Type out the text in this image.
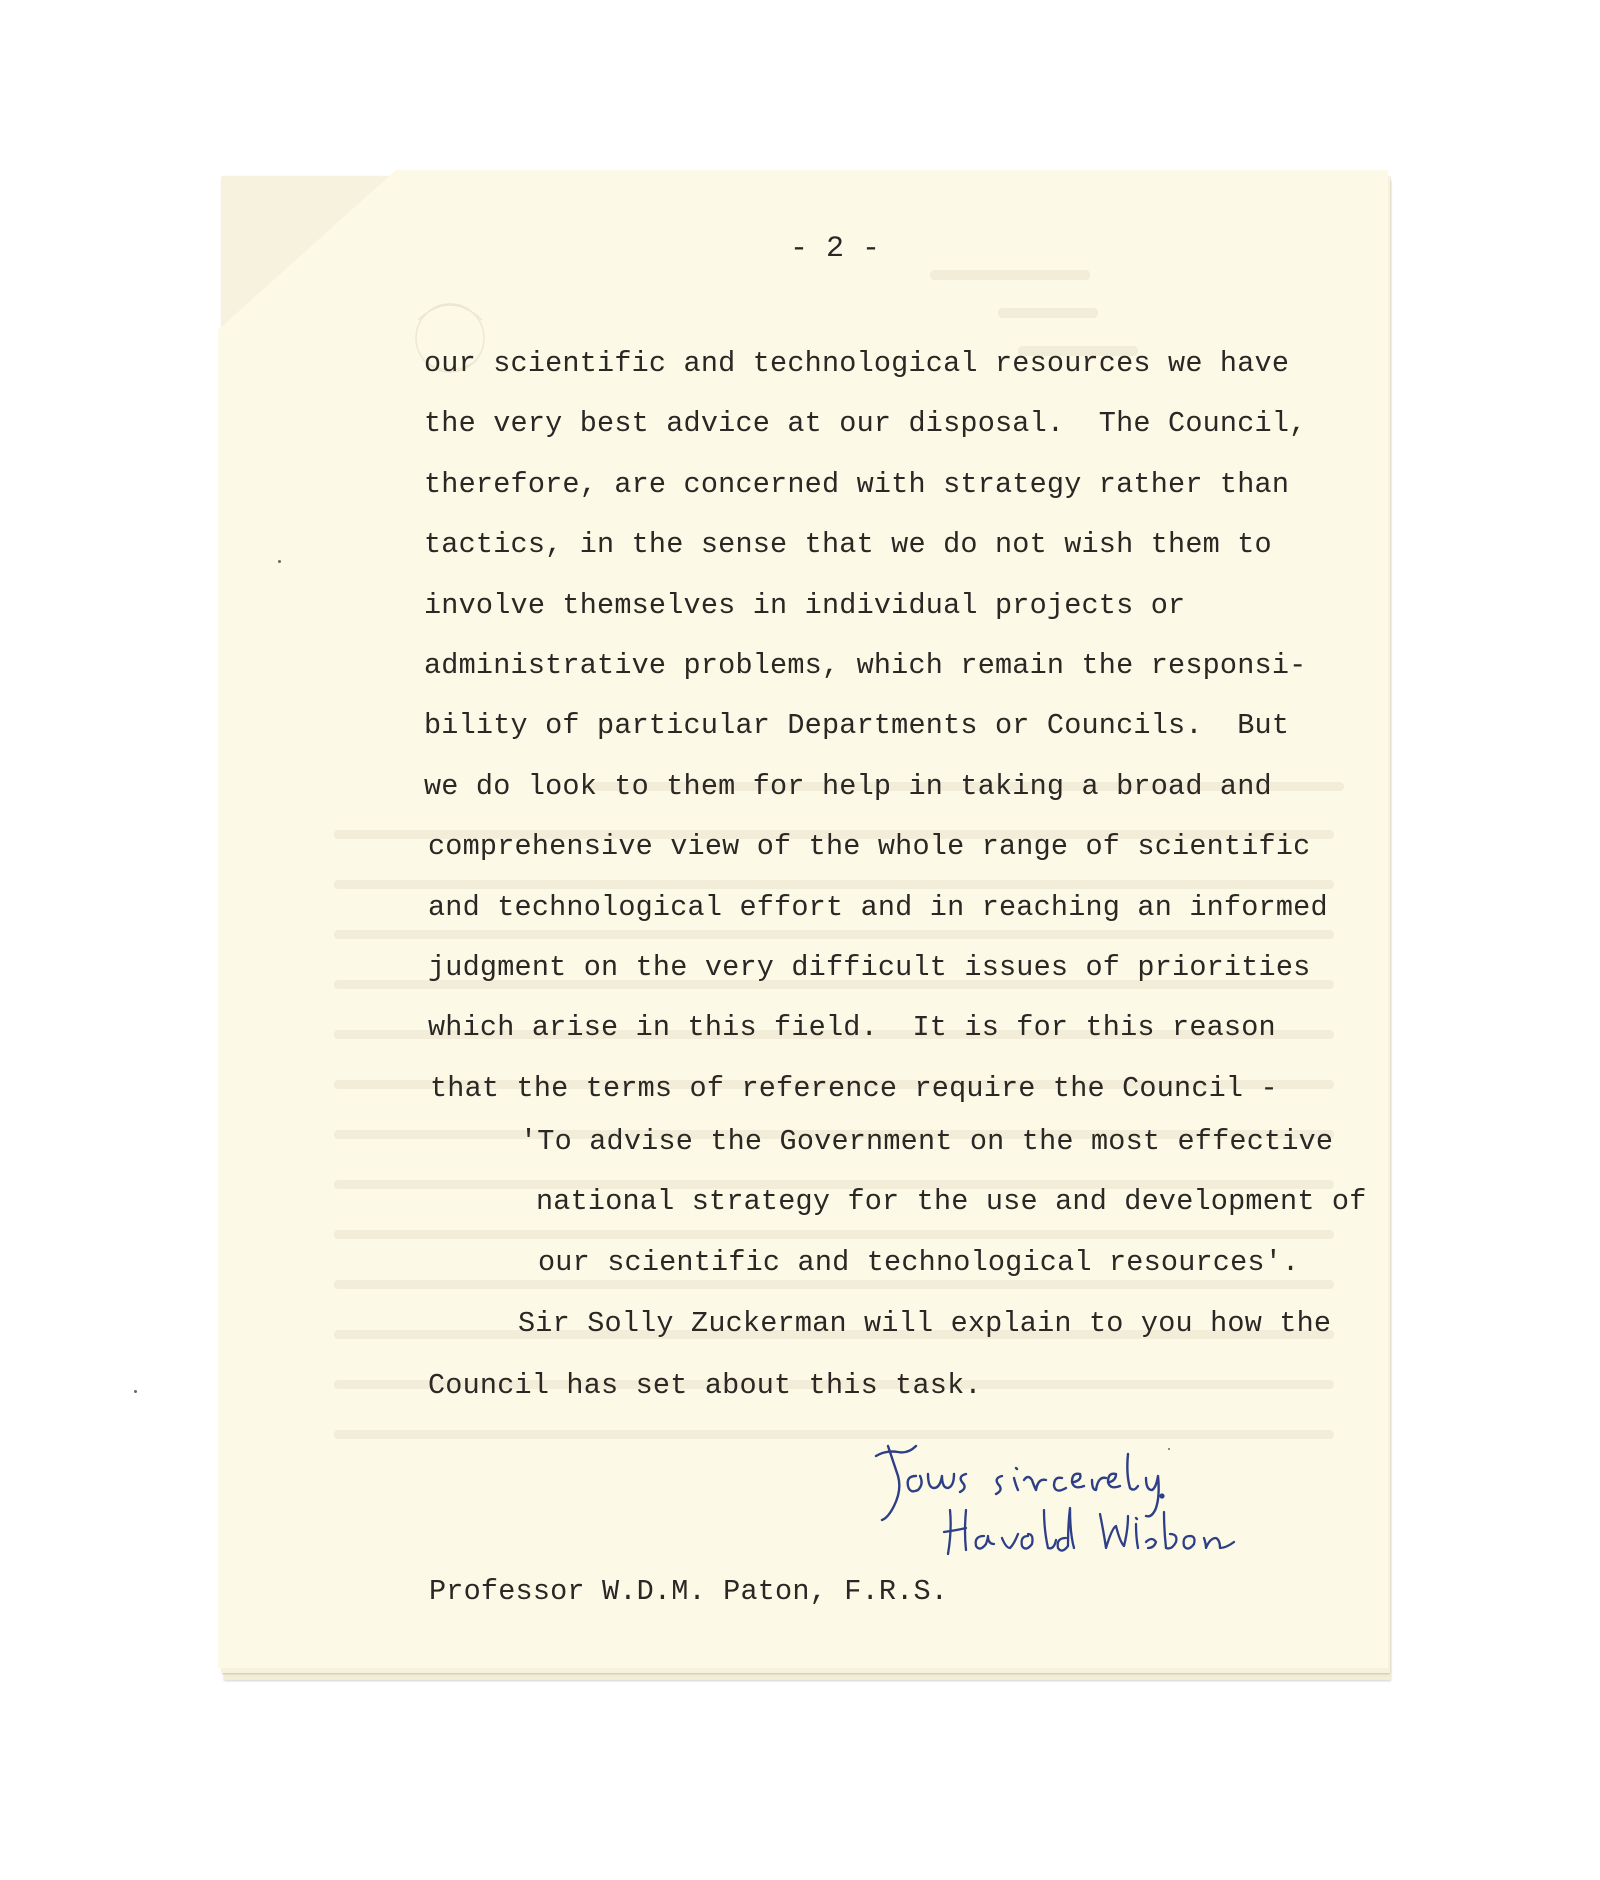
- 2 -
our scientific and technological resources we have
the very best advice at our disposal.  The Council,
therefore, are concerned with strategy rather than
tactics, in the sense that we do not wish them to
involve themselves in individual projects or
administrative problems, which remain the responsi-
bility of particular Departments or Councils.  But
we do look to them for help in taking a broad and
comprehensive view of the whole range of scientific
and technological effort and in reaching an informed
judgment on the very difficult issues of priorities
which arise in this field.  It is for this reason
that the terms of reference require the Council -
'To advise the Government on the most effective
national strategy for the use and development of
our scientific and technological resources'.
Sir Solly Zuckerman will explain to you how the
Council has set about this task.
Professor W.D.M. Paton, F.R.S.
